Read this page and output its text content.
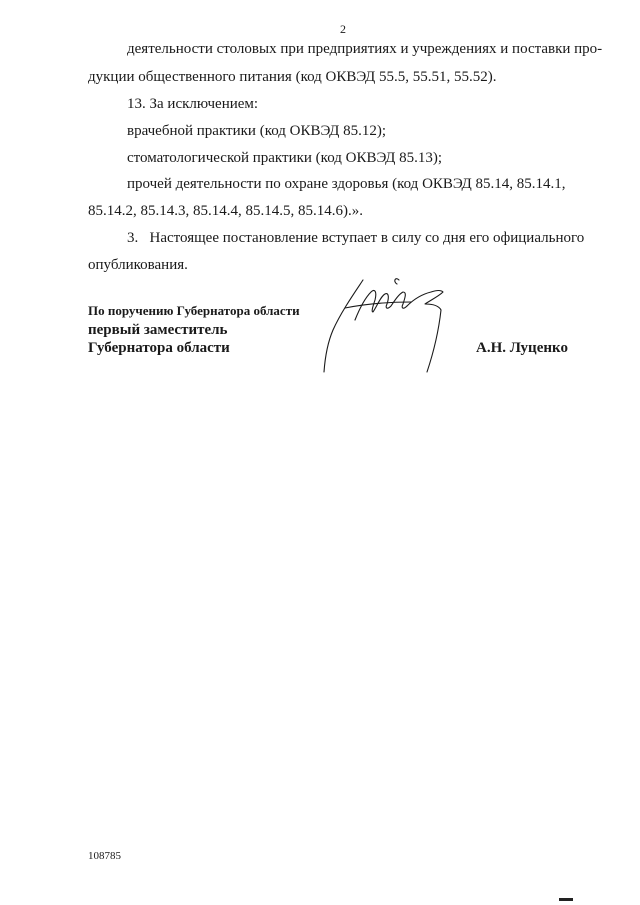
2
деятельности столовых при предприятиях и учреждениях и поставки про-
дукции общественного питания (код ОКВЭД 55.5, 55.51, 55.52).
13. За исключением:
врачебной практики (код ОКВЭД 85.12);
стоматологической практики (код ОКВЭД 85.13);
прочей деятельности по охране здоровья (код ОКВЭД 85.14, 85.14.1,
85.14.2, 85.14.3, 85.14.4, 85.14.5, 85.14.6).».
3.   Настоящее постановление вступает в силу со дня его официального
опубликования.
По поручению Губернатора области
первый заместитель
Губернатора области	А.Н. Луценко
108785
